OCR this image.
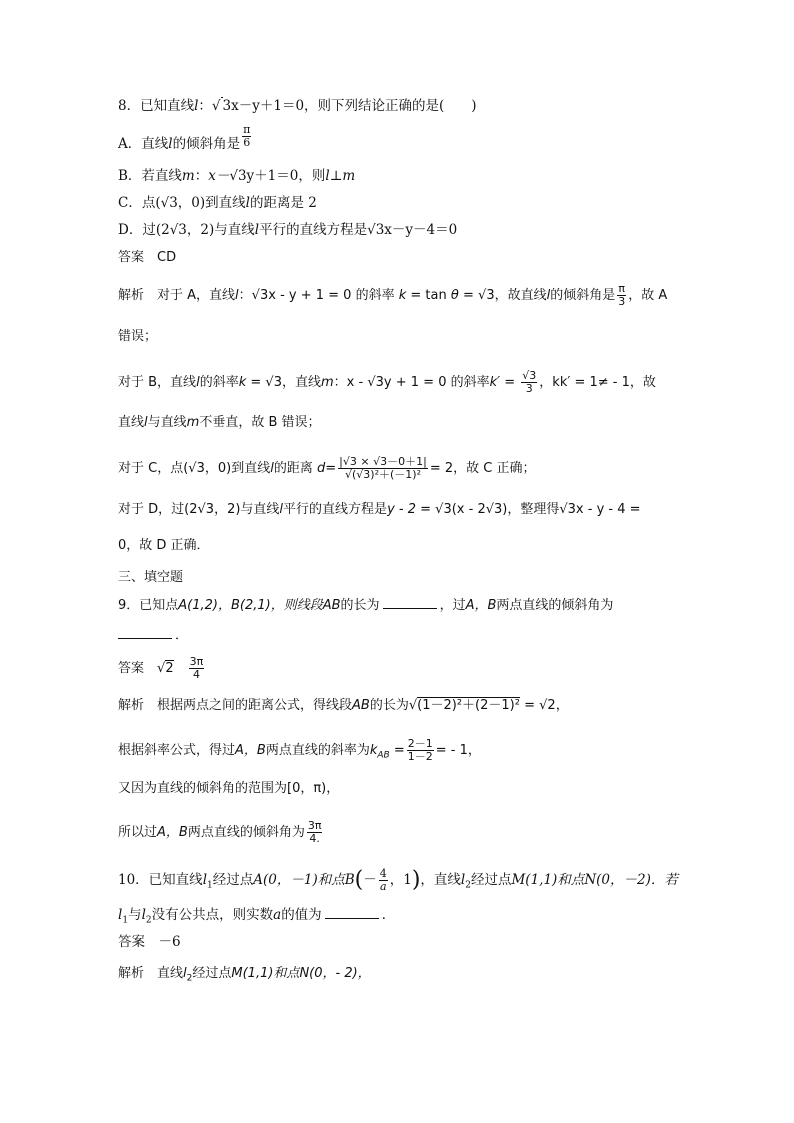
8．已知直线l：√ 3x－y＋1＝0，则下列结论正确的是(　　)
A．直线l的倾斜角是 $\frac{\pi}{6}$
B．若直线m：x－√3y＋1＝0，则l⊥m
C．点(√3，0)到直线l的距离是 2
D．过(2√3，2)与直线l平行的直线方程是√3x－y－4＝0
答案　CD
解析　对于 A，直线l：√3x - y + 1 = 0 的斜率 k = tan θ = √3，故直线l的倾斜角是 $\frac{\pi}{3}$ ，故 A
错误；
对于 B，直线l的斜率k = √3，直线m：x - √3y + 1 = 0 的斜率$k' = \frac{√3}{3}$ ，kk′ = 1≠ - 1，故
直线l与直线m不垂直，故 B 错误；
对于 C，点(√3，0)到直线l的距离 $d= \frac{|√3 \times √3-0+1|}{\text{√(√3)²＋(－1)²}} = 2$，故 C 正确；
对于 D，过(2√3，2)与直线l平行的直线方程是y - 2 = √3(x - 2√3)，整理得√3x - y - 4 =
0，故 D 正确．
三、填空题
9．已知点A(1,2)，B(2,1)，则线段AB的长为	，过A，B两点直线的倾斜角为
．
答案　 √2　 $\frac{3\pi}{4}$
解析　根据两点之间的距离公式，得线段AB的长为√(1－2)²＋(2－1)² = √2，
根据斜率公式，得过A，B两点直线的斜率为$k_{AB} = \frac{2-1}{1-2}$ = - 1，
又因为直线的倾斜角的范围为[0，π)，
所以过A，B两点直线的倾斜角为 $\frac{3\pi}{4.}$
10．已知直线$l_1$经过点A(0，－1)和点$B(- \frac{4}{a}$ ，1)，直线$l_2$经过点M(1,1)和点N(0，－2)．若
$l_1$与$l_2$没有公共点，则实数a的值为	．
答案　－6
解析　直线$l_2$经过点M(1,1)和点N(0，- 2)，
